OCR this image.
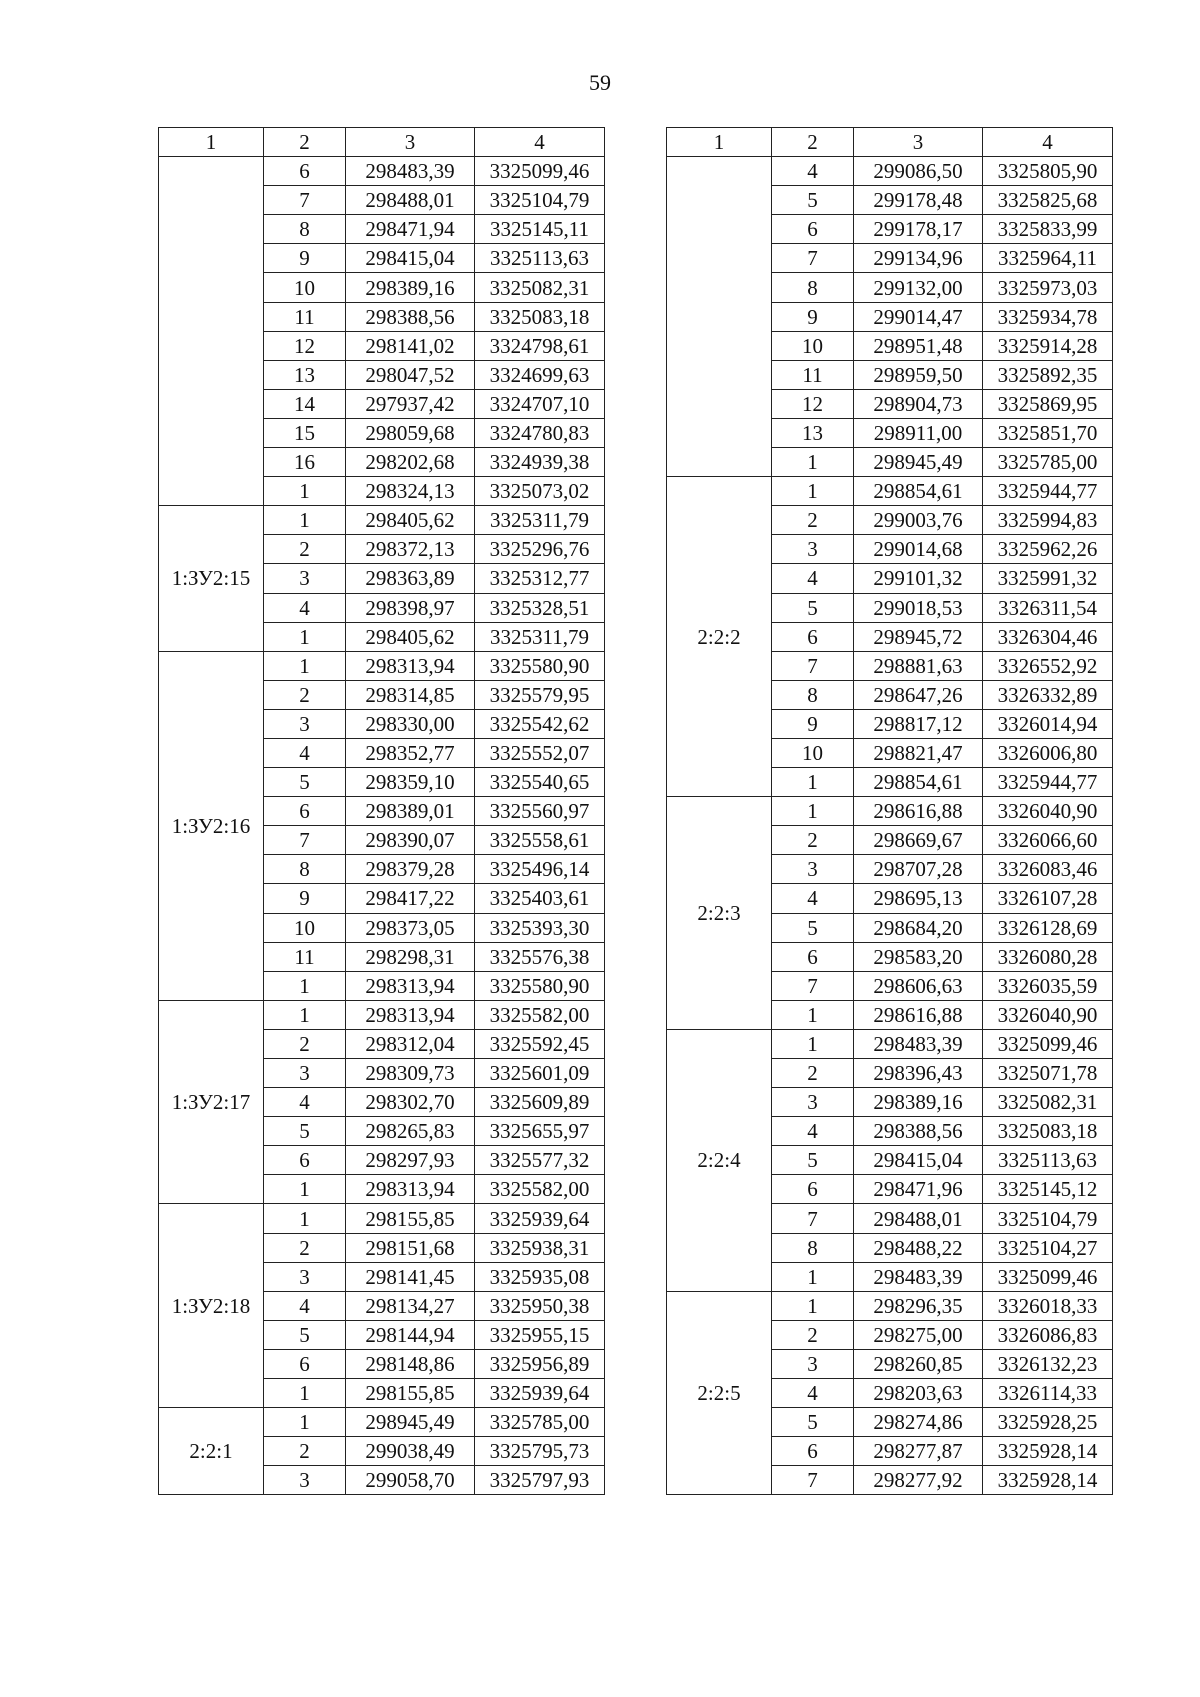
59
1	2	3	4
	6	298483,39	3325099,46
	7	298488,01	3325104,79
	8	298471,94	3325145,11
	9	298415,04	3325113,63
	10	298389,16	3325082,31
	11	298388,56	3325083,18
	12	298141,02	3324798,61
	13	298047,52	3324699,63
	14	297937,42	3324707,10
	15	298059,68	3324780,83
	16	298202,68	3324939,38
	1	298324,13	3325073,02
1:ЗУ2:15	1	298405,62	3325311,79
	2	298372,13	3325296,76
	3	298363,89	3325312,77
	4	298398,97	3325328,51
	1	298405,62	3325311,79
1:ЗУ2:16	1	298313,94	3325580,90
	2	298314,85	3325579,95
	3	298330,00	3325542,62
	4	298352,77	3325552,07
	5	298359,10	3325540,65
	6	298389,01	3325560,97
	7	298390,07	3325558,61
	8	298379,28	3325496,14
	9	298417,22	3325403,61
	10	298373,05	3325393,30
	11	298298,31	3325576,38
	1	298313,94	3325580,90
1:ЗУ2:17	1	298313,94	3325582,00
	2	298312,04	3325592,45
	3	298309,73	3325601,09
	4	298302,70	3325609,89
	5	298265,83	3325655,97
	6	298297,93	3325577,32
	1	298313,94	3325582,00
1:ЗУ2:18	1	298155,85	3325939,64
	2	298151,68	3325938,31
	3	298141,45	3325935,08
	4	298134,27	3325950,38
	5	298144,94	3325955,15
	6	298148,86	3325956,89
	1	298155,85	3325939,64
2:2:1	1	298945,49	3325785,00
	2	299038,49	3325795,73
	3	299058,70	3325797,93
1	2	3	4
	4	299086,50	3325805,90
	5	299178,48	3325825,68
	6	299178,17	3325833,99
	7	299134,96	3325964,11
	8	299132,00	3325973,03
	9	299014,47	3325934,78
	10	298951,48	3325914,28
	11	298959,50	3325892,35
	12	298904,73	3325869,95
	13	298911,00	3325851,70
	1	298945,49	3325785,00
2:2:2	1	298854,61	3325944,77
	2	299003,76	3325994,83
	3	299014,68	3325962,26
	4	299101,32	3325991,32
	5	299018,53	3326311,54
	6	298945,72	3326304,46
	7	298881,63	3326552,92
	8	298647,26	3326332,89
	9	298817,12	3326014,94
	10	298821,47	3326006,80
	1	298854,61	3325944,77
2:2:3	1	298616,88	3326040,90
	2	298669,67	3326066,60
	3	298707,28	3326083,46
	4	298695,13	3326107,28
	5	298684,20	3326128,69
	6	298583,20	3326080,28
	7	298606,63	3326035,59
	1	298616,88	3326040,90
2:2:4	1	298483,39	3325099,46
	2	298396,43	3325071,78
	3	298389,16	3325082,31
	4	298388,56	3325083,18
	5	298415,04	3325113,63
	6	298471,96	3325145,12
	7	298488,01	3325104,79
	8	298488,22	3325104,27
	1	298483,39	3325099,46
2:2:5	1	298296,35	3326018,33
	2	298275,00	3326086,83
	3	298260,85	3326132,23
	4	298203,63	3326114,33
	5	298274,86	3325928,25
	6	298277,87	3325928,14
	7	298277,92	3325928,14
